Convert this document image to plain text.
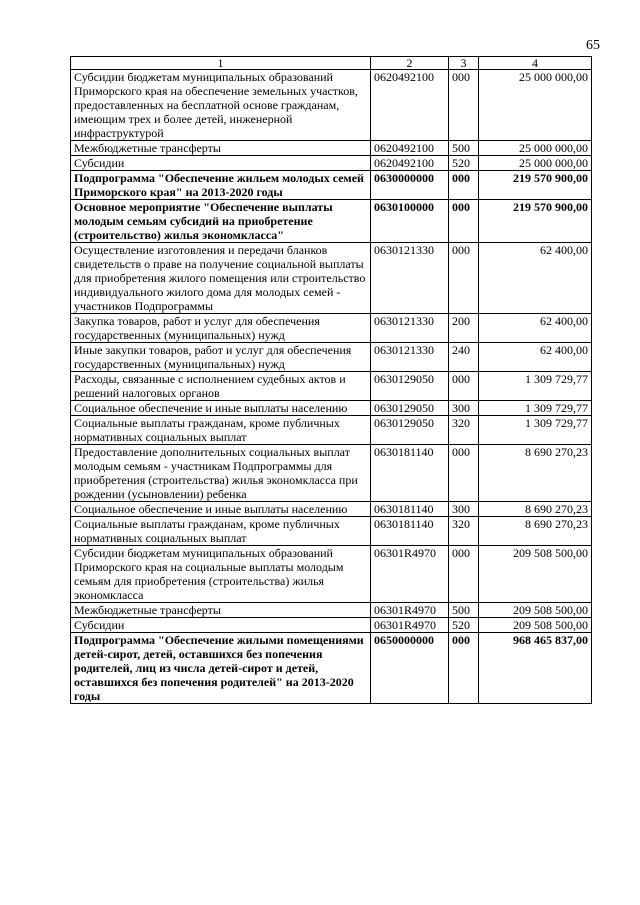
65
1	2	3	4
Субсидии бюджетам муниципальных образований Приморского края на обеспечение земельных участков, предоставленных на бесплатной основе гражданам, имеющим трех и более детей, инженерной инфраструктурой	0620492100	000	25 000 000,00
Межбюджетные трансферты	0620492100	500	25 000 000,00
Субсидии	0620492100	520	25 000 000,00
Подпрограмма "Обеспечение жильем молодых семей Приморского края" на 2013-2020 годы	0630000000	000	219 570 900,00
Основное мероприятие "Обеспечение выплаты молодым семьям субсидий на приобретение (строительство) жилья экономкласса"	0630100000	000	219 570 900,00
Осуществление изготовления и передачи бланков свидетельств о праве на получение социальной выплаты для приобретения жилого помещения или строительство индивидуального жилого дома для молодых семей - участников Подпрограммы	0630121330	000	62 400,00
Закупка товаров, работ и услуг для обеспечения государственных (муниципальных) нужд	0630121330	200	62 400,00
Иные закупки товаров, работ и услуг для обеспечения государственных (муниципальных) нужд	0630121330	240	62 400,00
Расходы, связанные с исполнением судебных актов и решений налоговых органов	0630129050	000	1 309 729,77
Социальное обеспечение и иные выплаты населению	0630129050	300	1 309 729,77
Социальные выплаты гражданам, кроме публичных нормативных социальных выплат	0630129050	320	1 309 729,77
Предоставление дополнительных социальных выплат молодым семьям - участникам Подпрограммы для приобретения (строительства) жилья экономкласса при рождении (усыновлении) ребенка	0630181140	000	8 690 270,23
Социальное обеспечение и иные выплаты населению	0630181140	300	8 690 270,23
Социальные выплаты гражданам, кроме публичных нормативных социальных выплат	0630181140	320	8 690 270,23
Субсидии бюджетам муниципальных образований Приморского края на социальные выплаты молодым семьям для приобретения (строительства) жилья экономкласса	06301R4970	000	209 508 500,00
Межбюджетные трансферты	06301R4970	500	209 508 500,00
Субсидии	06301R4970	520	209 508 500,00
Подпрограмма "Обеспечение жилыми помещениями детей-сирот, детей, оставшихся без попечения родителей, лиц из числа детей-сирот и детей, оставшихся без попечения родителей" на 2013-2020 годы	0650000000	000	968 465 837,00
